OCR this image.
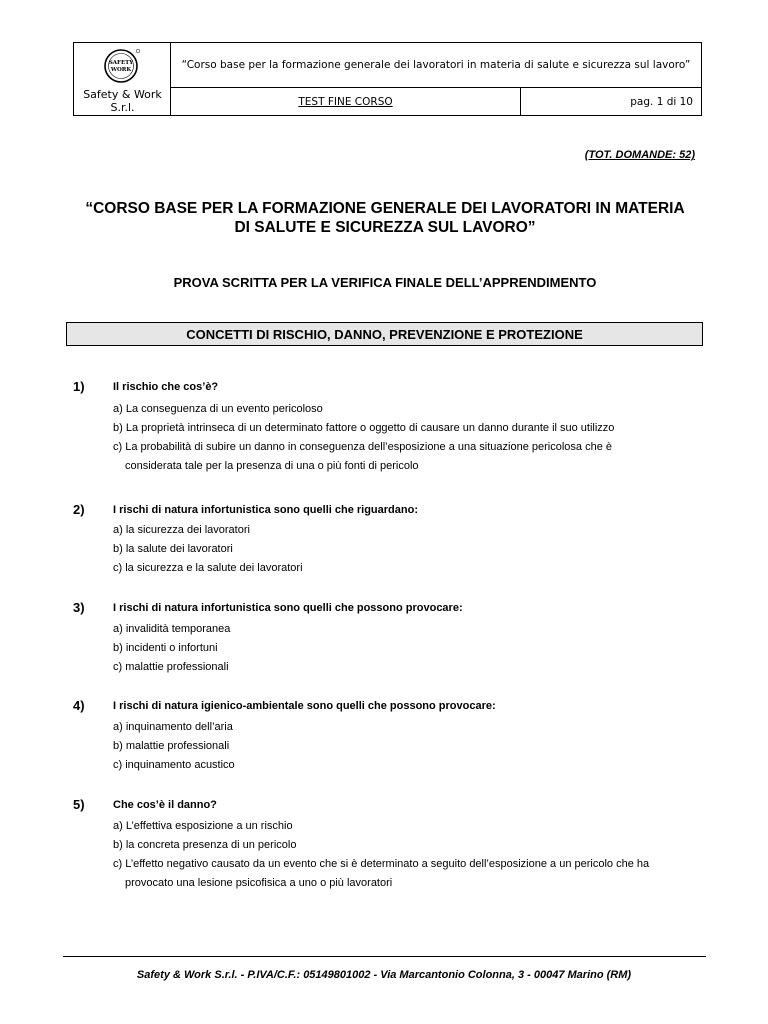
SAFETY
WORK
Safety & Work S.r.l.
“Corso base per la formazione generale dei lavoratori in materia di salute e sicurezza sul lavoro”
TEST FINE CORSO	pag. 1 di 10
(TOT. DOMANDE: 52)
“CORSO BASE PER LA FORMAZIONE GENERALE DEI LAVORATORI IN MATERIA
DI SALUTE E SICUREZZA SUL LAVORO”
PROVA SCRITTA PER LA VERIFICA FINALE DELL’APPRENDIMENTO
CONCETTI DI RISCHIO, DANNO, PREVENZIONE E PROTEZIONE
1)	Il rischio che cos’è?
a) La conseguenza di un evento pericoloso
b) La proprietà intrinseca di un determinato fattore o oggetto di causare un danno durante il suo utilizzo
c) La probabilità di subire un danno in conseguenza dell’esposizione a una situazione pericolosa che è
considerata tale per la presenza di una o più fonti di pericolo
2)	I rischi di natura infortunistica sono quelli che riguardano:
a) la sicurezza dei lavoratori
b) la salute dei lavoratori
c) la sicurezza e la salute dei lavoratori
3)	I rischi di natura infortunistica sono quelli che possono provocare:
a) invalidità temporanea
b) incidenti o infortuni
c) malattie professionali
4)	I rischi di natura igienico-ambientale sono quelli che possono provocare:
a) inquinamento dell’aria
b) malattie professionali
c) inquinamento acustico
5)	Che cos’è il danno?
a) L’effettiva esposizione a un rischio
b) la concreta presenza di un pericolo
c) L’effetto negativo causato da un evento che si è determinato a seguito dell’esposizione a un pericolo che ha
provocato una lesione psicofisica a uno o più lavoratori
Safety & Work S.r.l. - P.IVA/C.F.: 05149801002 - Via Marcantonio Colonna, 3 - 00047 Marino (RM)
